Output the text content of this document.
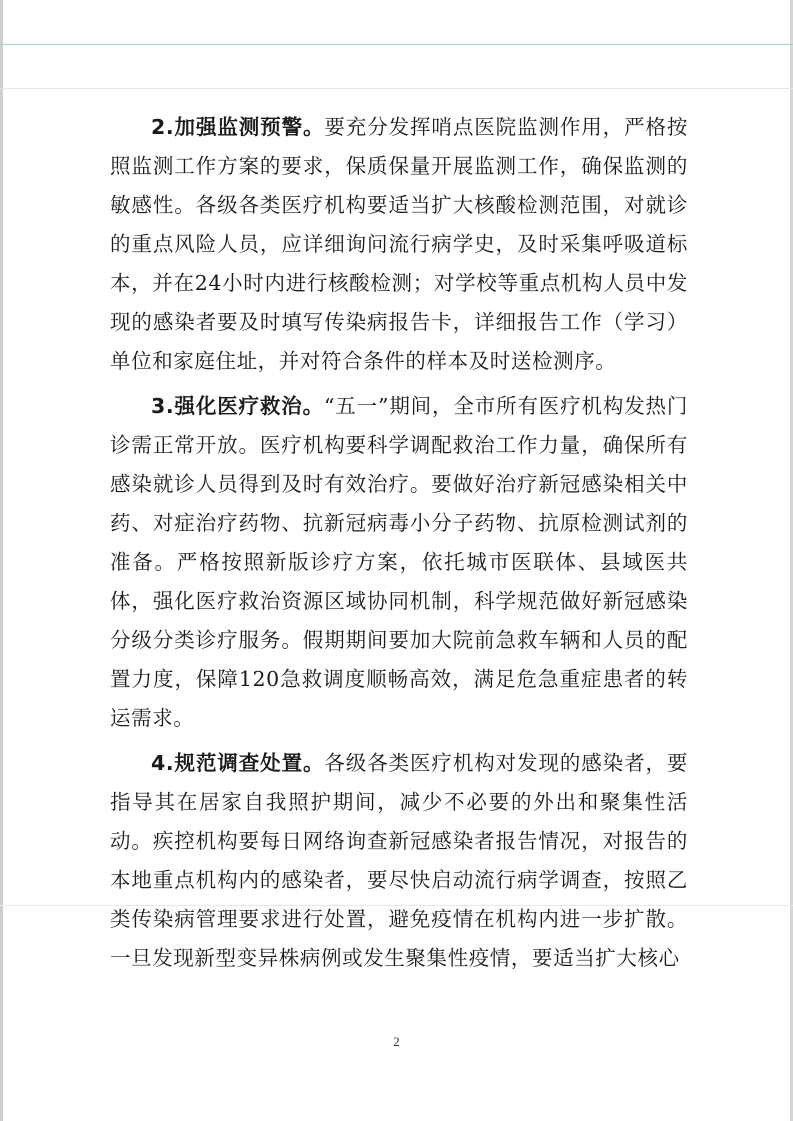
2.加强监测预警。要充分发挥哨点医院监测作用，严格按照监测工作方案的要求，保质保量开展监测工作，确保监测的敏感性。各级各类医疗机构要适当扩大核酸检测范围，对就诊的重点风险人员，应详细询问流行病学史，及时采集呼吸道标本，并在24小时内进行核酸检测；对学校等重点机构人员中发现的感染者要及时填写传染病报告卡，详细报告工作（学习）单位和家庭住址，并对符合条件的样本及时送检测序。

3.强化医疗救治。“五一”期间，全市所有医疗机构发热门诊需正常开放。医疗机构要科学调配救治工作力量，确保所有感染就诊人员得到及时有效治疗。要做好治疗新冠感染相关中药、对症治疗药物、抗新冠病毒小分子药物、抗原检测试剂的准备。严格按照新版诊疗方案，依托城市医联体、县域医共体，强化医疗救治资源区域协同机制，科学规范做好新冠感染分级分类诊疗服务。假期期间要加大院前急救车辆和人员的配置力度，保障120急救调度顺畅高效，满足危急重症患者的转运需求。

4.规范调查处置。各级各类医疗机构对发现的感染者，要指导其在居家自我照护期间，减少不必要的外出和聚集性活动。疾控机构要每日网络询查新冠感染者报告情况，对报告的本地重点机构内的感染者，要尽快启动流行病学调查，按照乙类传染病管理要求进行处置，避免疫情在机构内进一步扩散。一旦发现新型变异株病例或发生聚集性疫情，要适当扩大核心

2
